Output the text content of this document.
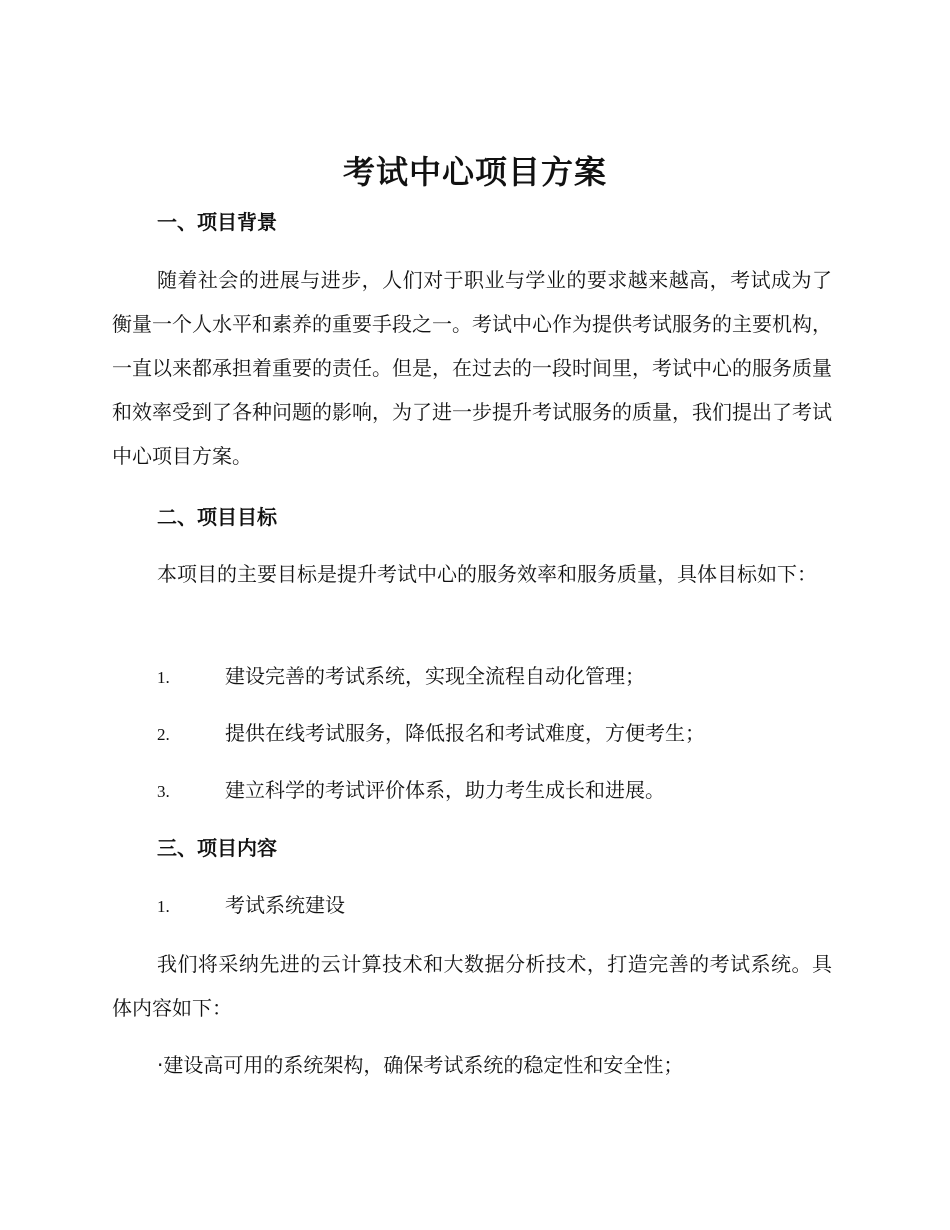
考试中心项目方案
一、项目背景

随着社会的进展与进步，人们对于职业与学业的要求越来越高，考试成为了衡量一个人水平和素养的重要手段之一。考试中心作为提供考试服务的主要机构，一直以来都承担着重要的责任。但是，在过去的一段时间里，考试中心的服务质量和效率受到了各种问题的影响，为了进一步提升考试服务的质量，我们提出了考试中心项目方案。

二、项目目标

本项目的主要目标是提升考试中心的服务效率和服务质量，具体目标如下：

1.	建设完善的考试系统，实现全流程自动化管理；
2.	提供在线考试服务，降低报名和考试难度，方便考生；
3.	建立科学的考试评价体系，助力考生成长和进展。
三、项目内容
1.	考试系统建设

我们将采纳先进的云计算技术和大数据分析技术，打造完善的考试系统。具体内容如下：

·建设高可用的系统架构，确保考试系统的稳定性和安全性；
